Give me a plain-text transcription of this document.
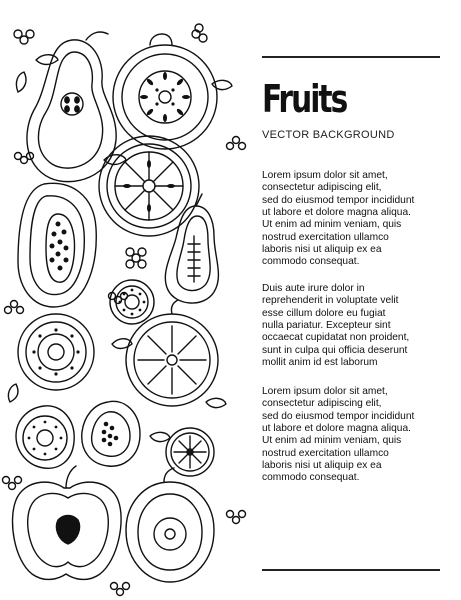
Fruits
VECTOR BACKGROUND
Lorem ipsum dolor sit amet,
consectetur adipiscing elit,
sed do eiusmod tempor incididunt
ut labore et dolore magna aliqua.
Ut enim ad minim veniam, quis
nostrud exercitation ullamco
laboris nisi ut aliquip ex ea
commodo consequat.
Duis aute irure dolor in
reprehenderit in voluptate velit
esse cillum dolore eu fugiat
nulla pariatur. Excepteur sint
occaecat cupidatat non proident,
sunt in culpa qui officia deserunt
mollit anim id est laborum
Lorem ipsum dolor sit amet,
consectetur adipiscing elit,
sed do eiusmod tempor incididunt
ut labore et dolore magna aliqua.
Ut enim ad minim veniam, quis
nostrud exercitation ullamco
laboris nisi ut aliquip ex ea
commodo consequat.
